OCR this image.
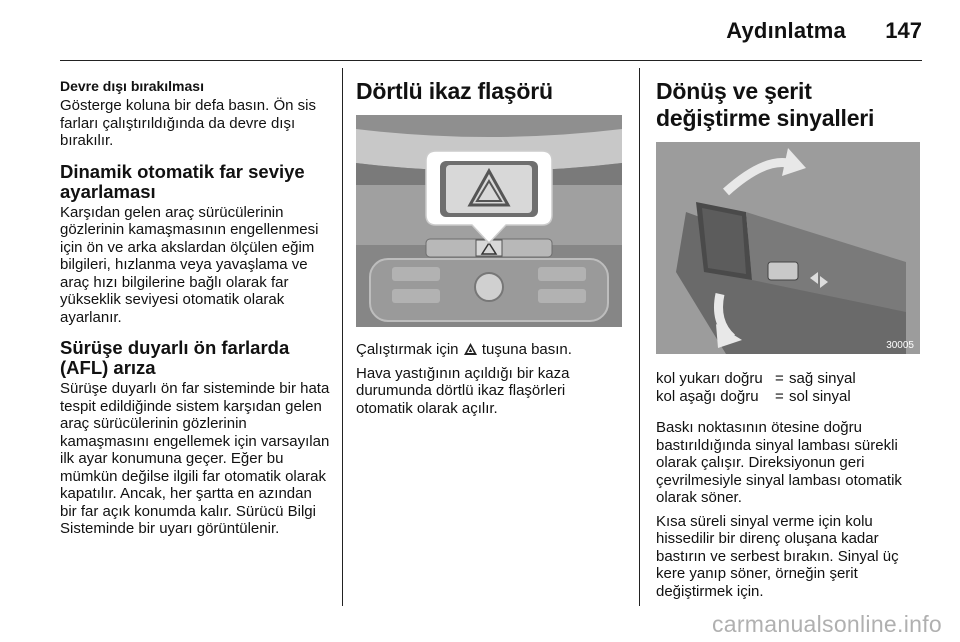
Aydınlatma 147
Devre dışı bırakılması

Gösterge koluna bir defa basın. Ön sis farları çalıştırıldığında da devre dışı bırakılır.

Dinamik otomatik far seviye ayarlaması

Karşıdan gelen araç sürücülerinin gözlerinin kamaşmasının engellenmesi için ön ve arka akslardan ölçülen eğim bilgileri, hızlanma veya yavaşlama ve araç hızı bilgilerine bağlı olarak far yükseklik seviyesi otomatik olarak ayarlanır.

Sürüşe duyarlı ön farlarda (AFL) arıza

Sürüşe duyarlı ön far sisteminde bir hata tespit edildiğinde sistem karşıdan gelen araç sürücülerinin gözlerinin kamaşmasını engellemek için varsayılan ilk ayar konumuna geçer. Eğer bu mümkün değilse ilgili far otomatik olarak kapatılır. Ancak, her şartta en azından bir far açık konumda kalır. Sürücü Bilgi Sisteminde bir uyarı görüntülenir.

Dörtlü ikaz flaşörü

Çalıştırmak için tuşuna basın.

Hava yastığının açıldığı bir kaza durumunda dörtlü ikaz flaşörleri otomatik olarak açılır.

Dönüş ve şerit değiştirme sinyalleri
30005
kol yukarı doğru = sağ sinyal
kol aşağı doğru	= sol sinyal

Baskı noktasının ötesine doğru bastırıldığında sinyal lambası sürekli olarak çalışır. Direksiyonun geri çevrilmesiyle sinyal lambası otomatik olarak söner.

Kısa süreli sinyal verme için kolu hissedilir bir direnç oluşana kadar bastırın ve serbest bırakın. Sinyal üç kere yanıp söner, örneğin şerit değiştirmek için.

carmanualsonline.info
